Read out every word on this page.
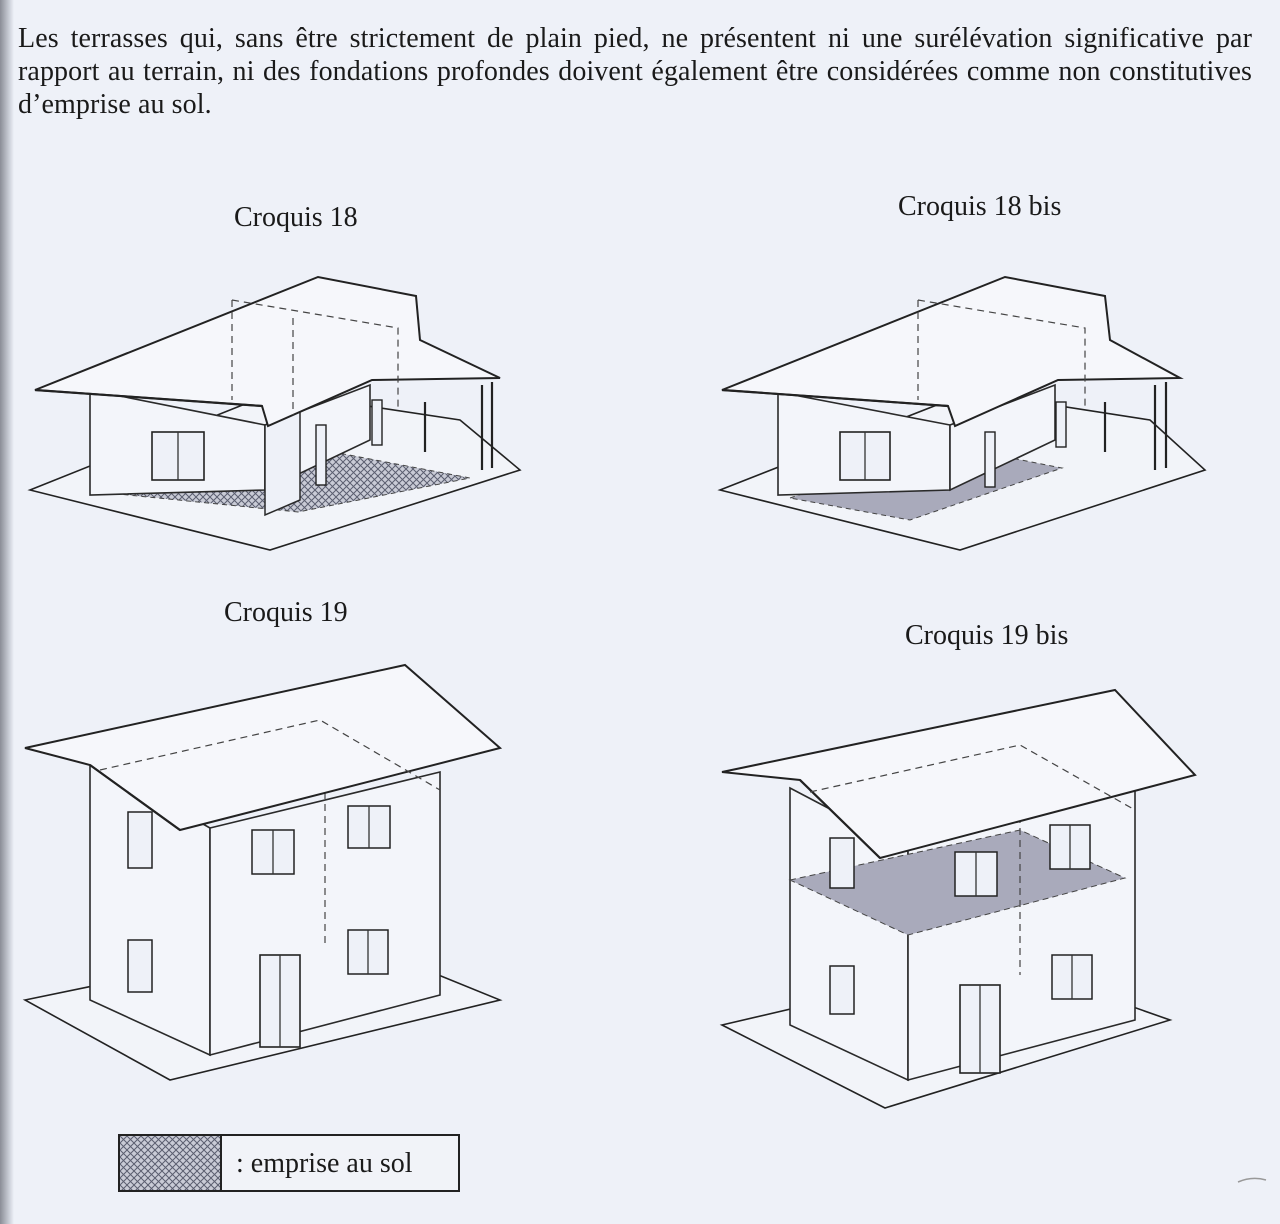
Les terrasses qui, sans être strictement de plain pied, ne présentent ni une surélévation significative par rapport au terrain, ni des fondations profondes doivent également être considérées comme non constitutives d’emprise au sol.

Croquis 18	Croquis 18 bis
Croquis 19
Croquis 19 bis
: emprise au sol
